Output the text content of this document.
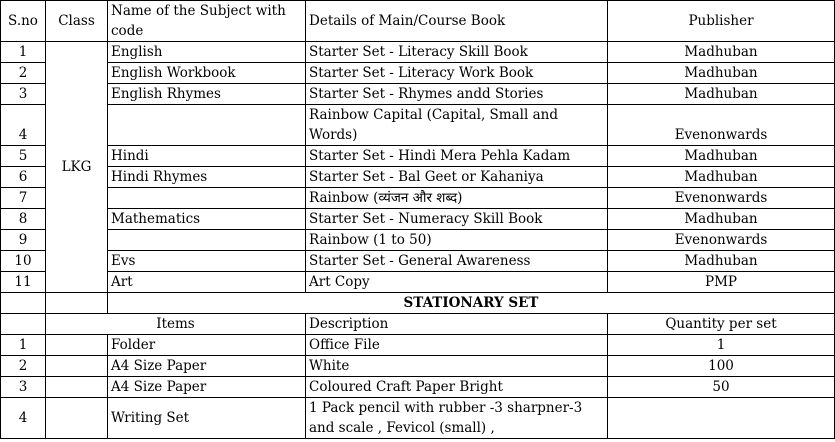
S.no	Class	Name of the Subject with code	Details of Main/Course Book	Publisher
1	LKG	English	Starter Set - Literacy Skill Book	Madhuban
2		English Workbook	Starter Set - Literacy Work Book	Madhuban
3		English Rhymes	Starter Set - Rhymes andd Stories	Madhuban
4			Rainbow Capital (Capital, Small and Words)	Evenonwards
5		Hindi	Starter Set - Hindi Mera Pehla Kadam	Madhuban
6		Hindi Rhymes	Starter Set - Bal Geet or Kahaniya	Madhuban
7			Rainbow (व्यंजन और शब्द)	Evenonwards
8		Mathematics	Starter Set - Numeracy Skill Book	Madhuban
9			Rainbow (1 to 50)	Evenonwards
10		Evs	Starter Set - General Awareness	Madhuban
11		Art	Art Copy	PMP
		STATIONARY SET		
	Items		Description	Quantity per set
1		Folder	Office File	1
2		A4 Size Paper	White	100
3		A4 Size Paper	Coloured Craft Paper Bright	50
4		Writing Set	1 Pack pencil with rubber -3 sharpner-3 and scale , Fevicol (small) ,	
